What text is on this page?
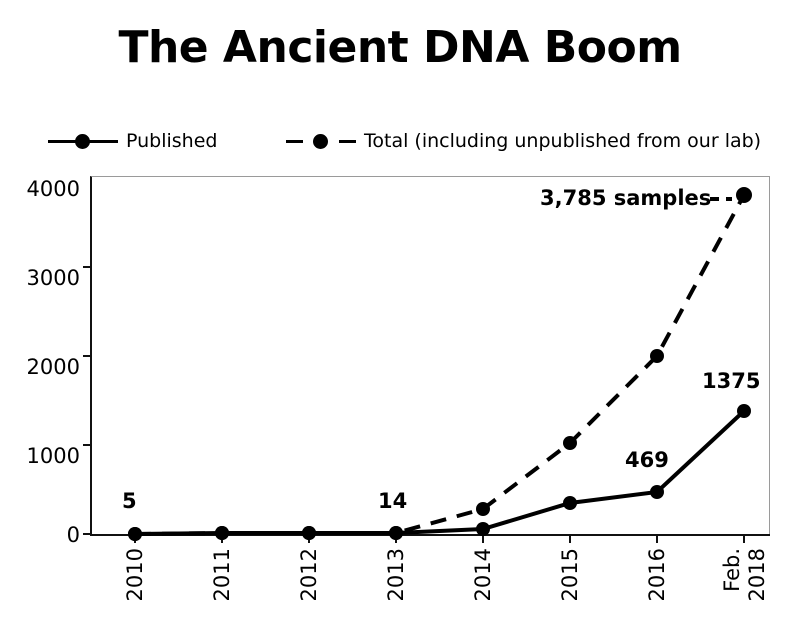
The Ancient DNA Boom
Published	Total (including unpublished from our lab)
4000
3000
2000
1000
0
2010	2011	2012	2013	2014	2015	2016 Feb. 2018
5	14
469
1375
3,785 samples
